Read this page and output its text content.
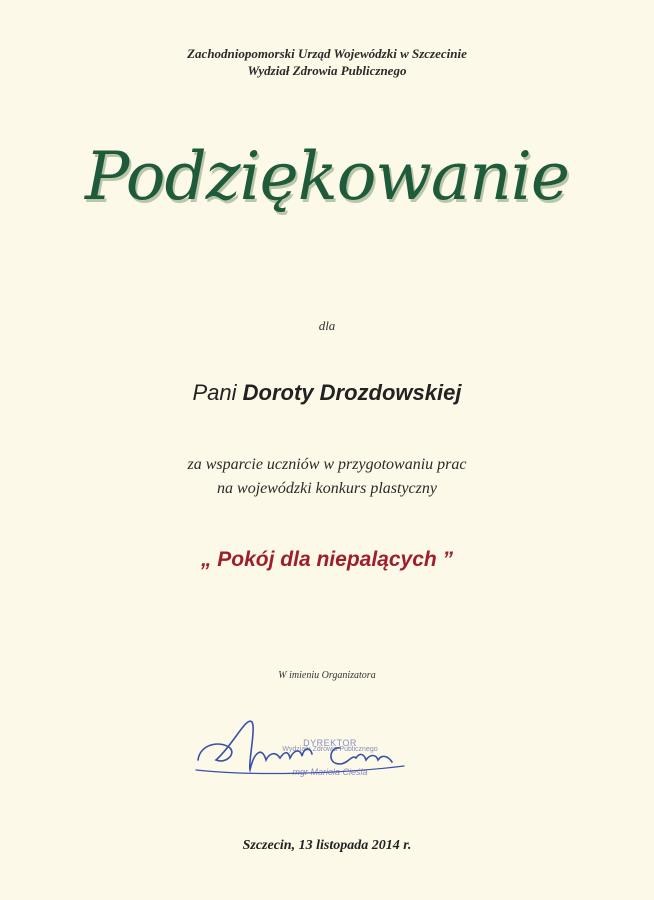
Zachodniopomorski Urząd Wojewódzki w Szczecinie
Wydział Zdrowia Publicznego
Podziękowanie
dla
Pani Doroty Drozdowskiej
za wsparcie uczniów w przygotowaniu prac
na wojewódzki konkurs plastyczny
„ Pokój dla niepalących ”
W imieniu Organizatora
DYREKTOR
Wydziału Zdrowia Publicznego
mgr Mariola Cieśla
Szczecin, 13 listopada 2014 r.
